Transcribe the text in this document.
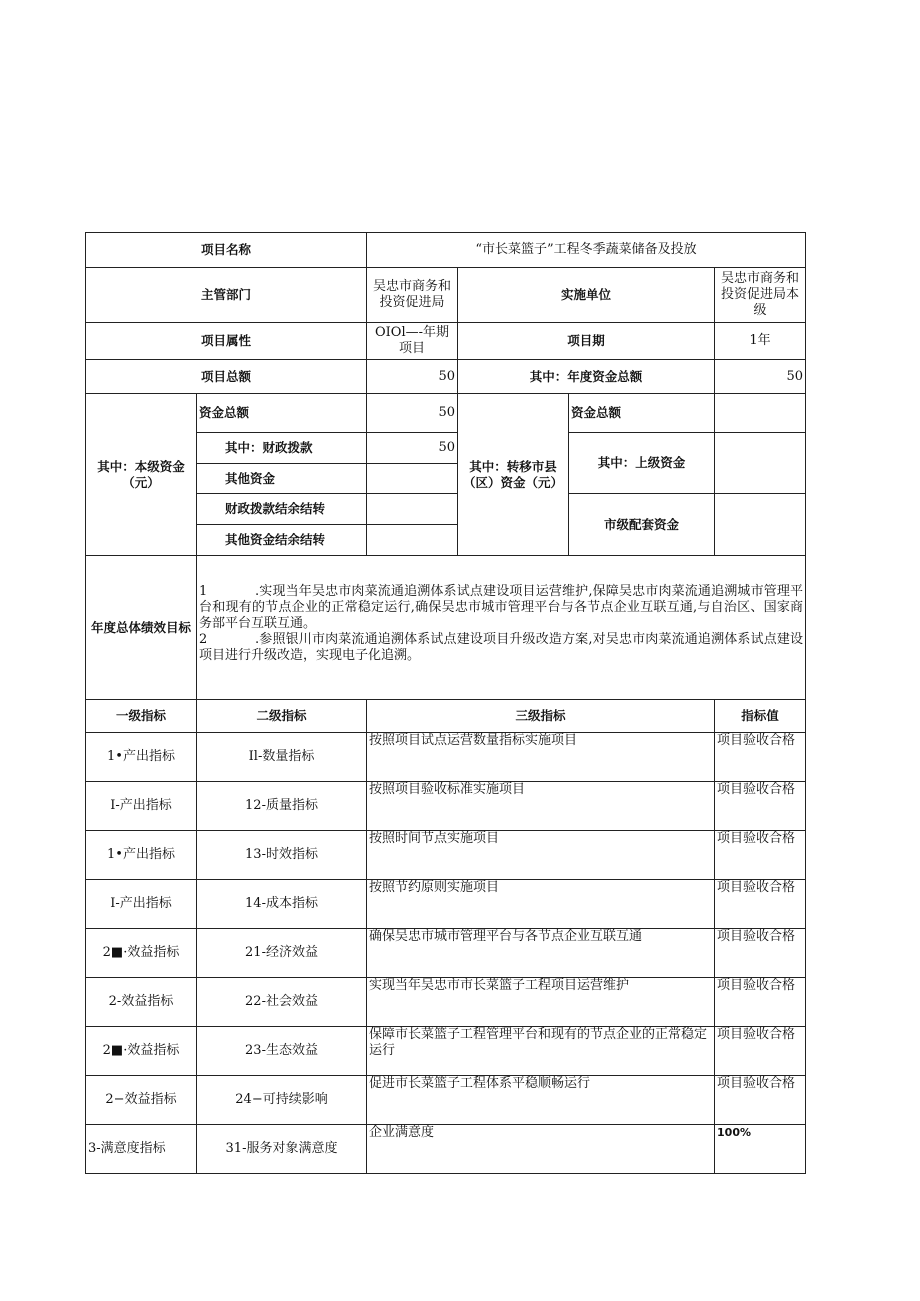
项目名称		“市长菜篮子”工程冬季蔬菜储备及投放			
主管部门		吴忠市商务和投资促进局	实施单位		吴忠市商务和投资促进局本级
项目属性		OIOl—-年期项目	项目期		1年
项目总额		50	其中：年度资金总额		50
其中：本级资金（元）	资金总额	50	其中：转移市县（区）资金（元）	资金总额	
	其中：财政拨款	50		其中：上级资金	
	其他资金				
	财政拨款结余结转			市级配套资金	
	其他资金结余结转				
年度总体绩效目标	1 .实现当年吴忠市肉菜流通追溯体系试点建设项目运营维护,保障吴忠市肉菜流通追溯城市管理平台和现有的节点企业的正常稳定运行,确保吴忠市城市管理平台与各节点企业互联互通,与自治区、国家商务部平台互联互通。

2 .参照银川市肉菜流通追溯体系试点建设项目升级改造方案,对吴忠市肉菜流通追溯体系试点建设项目进行升级改造，实现电子化追溯。				

一级指标	二级指标	三级指标			指标值
1•产出指标	Il-数量指标	按照项目试点运营数量指标实施项目			项目验收合格
I-产出指标	12-质量指标	按照项目验收标准实施项目			项目验收合格
1•产出指标	13-时效指标	按照时间节点实施项目			项目验收合格
I-产出指标	14-成本指标	按照节约原则实施项目			项目验收合格
2■·效益指标	21-经济效益	确保吴忠市城市管理平台与各节点企业互联互通			项目验收合格
2-效益指标	22-社会效益	实现当年吴忠市市长菜篮子工程项目运营维护			项目验收合格
2■·效益指标	23-生态效益	保障市长菜篮子工程管理平台和现有的节点企业的正常稳定运行			项目验收合格
2−效益指标	24−可持续影响	促进市长菜篮子工程体系平稳顺畅运行			项目验收合格
3-满意度指标	31-服务对象满意度	企业满意度			100%
